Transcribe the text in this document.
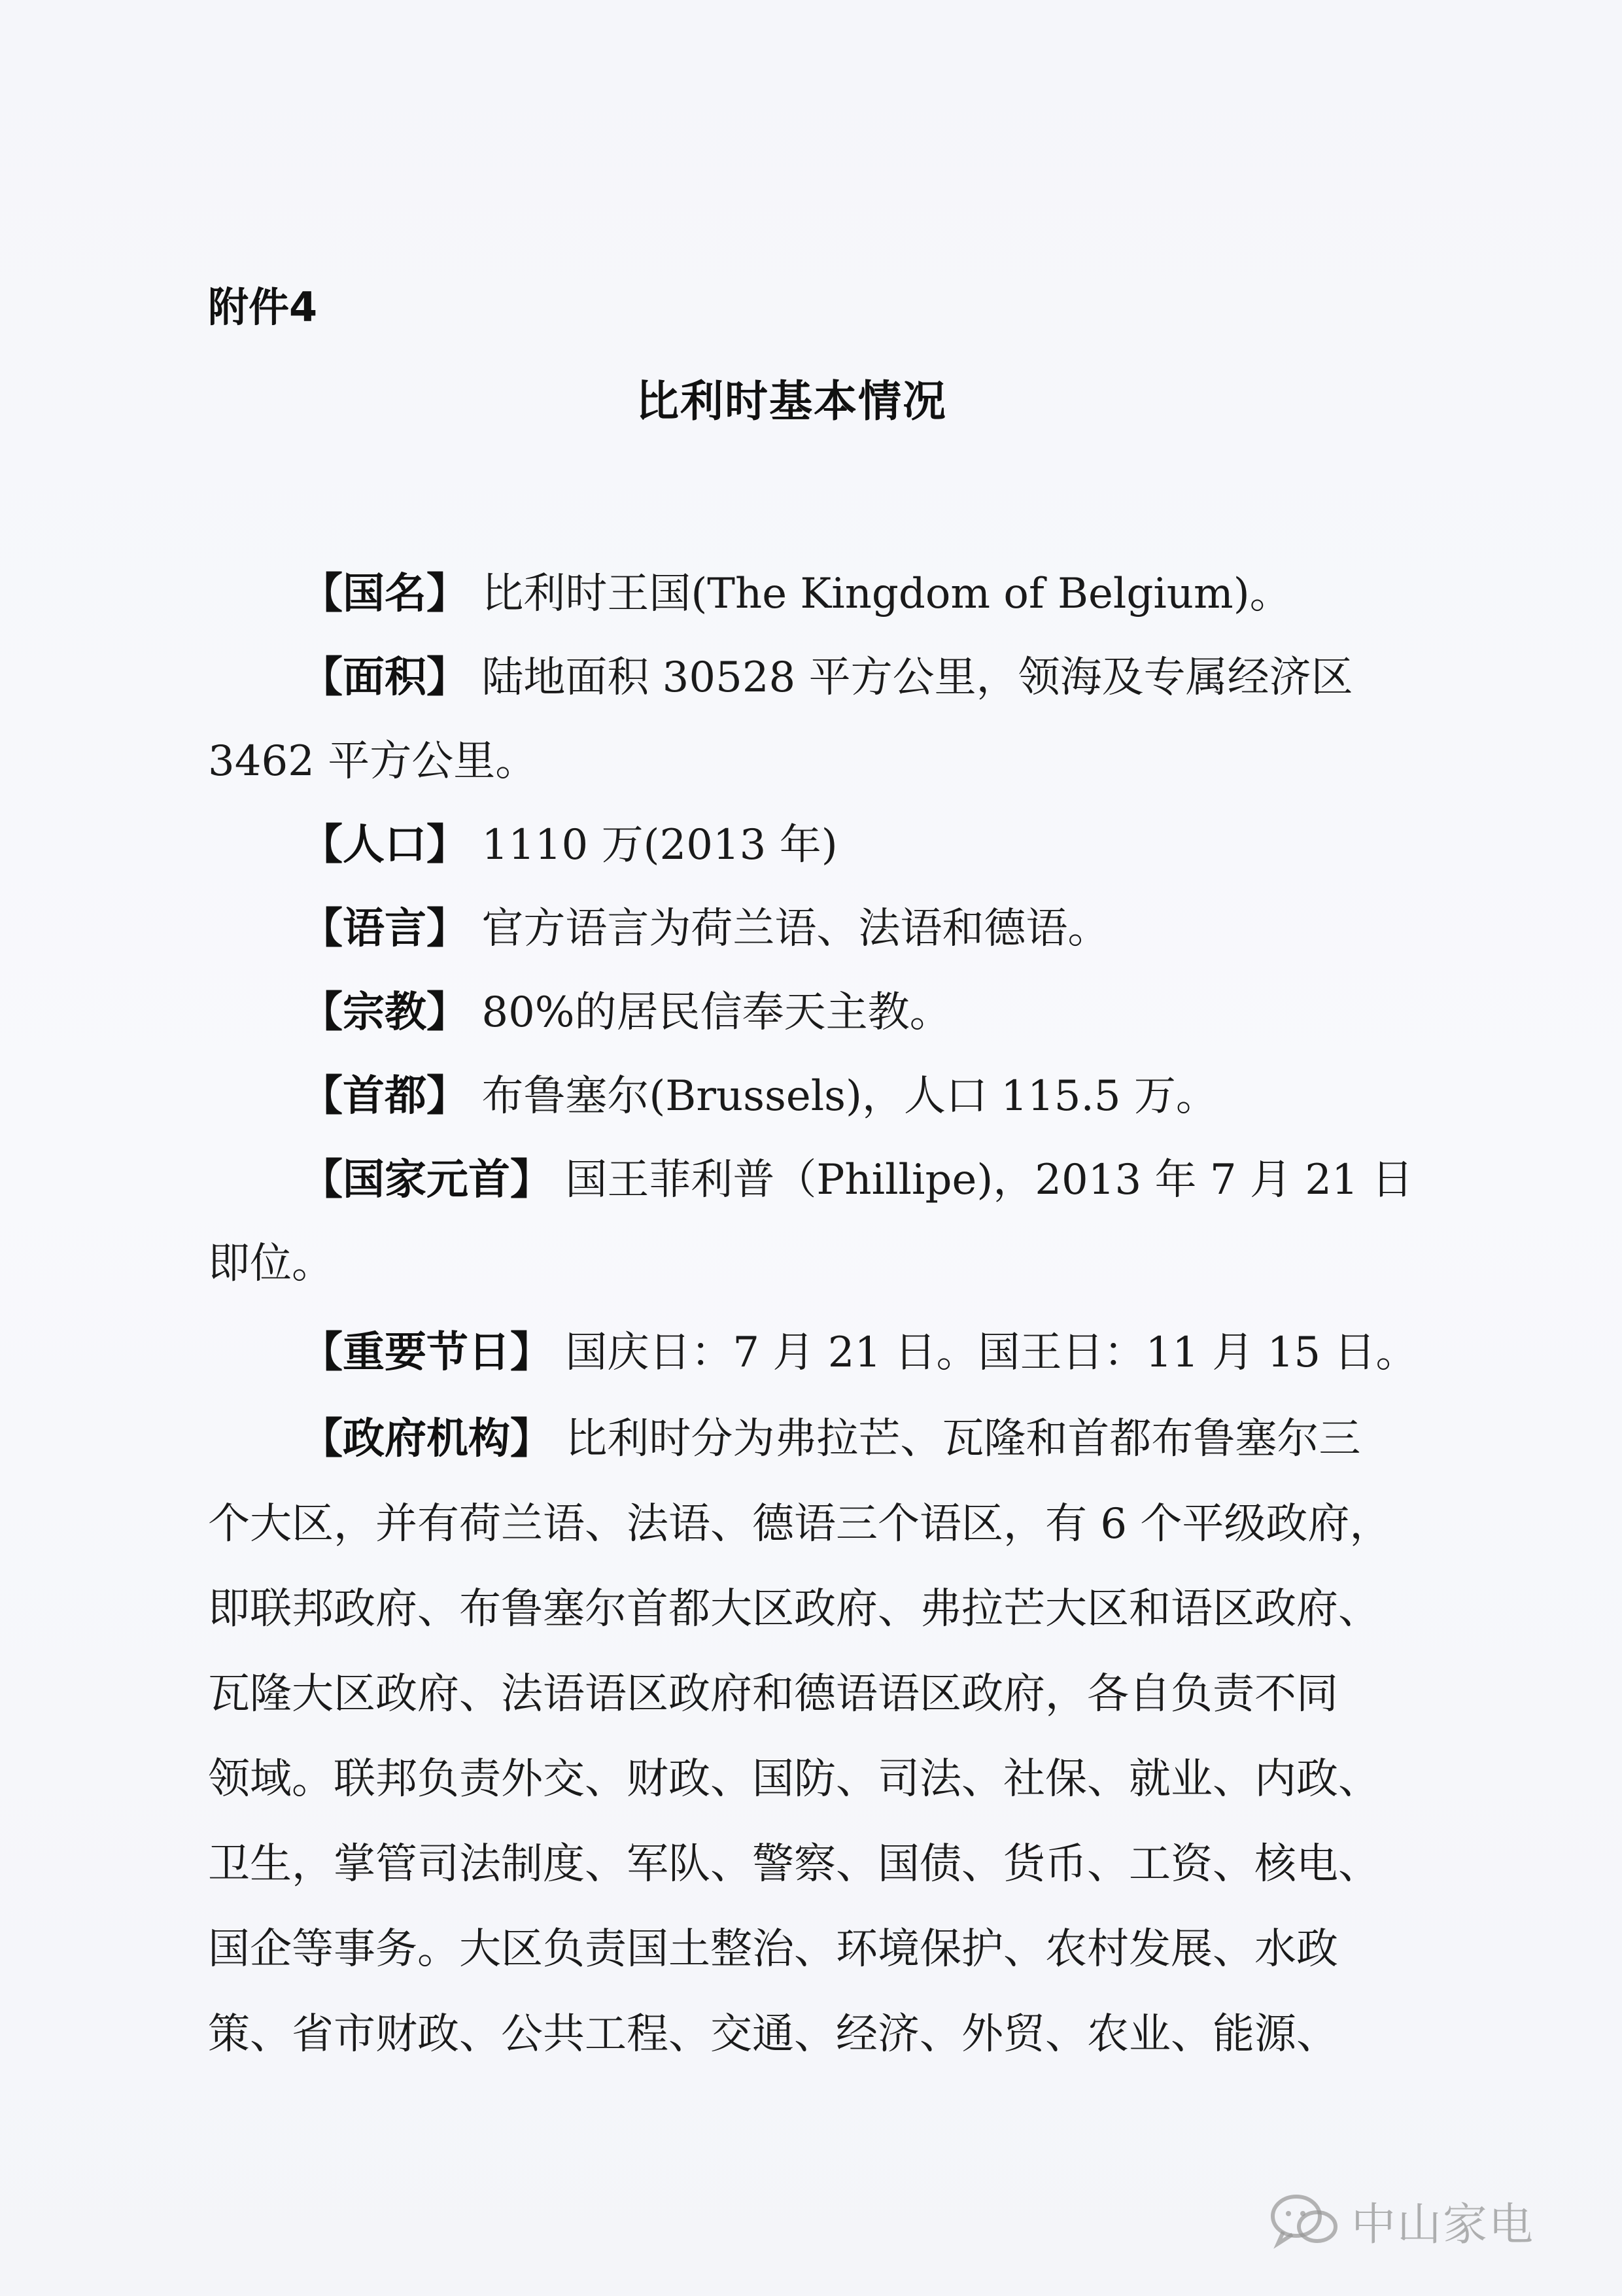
附件4
比利时基本情况
【国名】 比利时王国(The Kingdom of Belgium)。
【面积】 陆地面积 30528 平方公里，领海及专属经济区
3462 平方公里。
【人口】 1110 万(2013 年)
【语言】 官方语言为荷兰语、法语和德语。
【宗教】 80%的居民信奉天主教。
【首都】 布鲁塞尔(Brussels)，人口 115.5 万。
【国家元首】 国王菲利普（Phillipe)，2013 年 7 月 21 日
即位。
【重要节日】 国庆日：7 月 21 日。国王日：11 月 15 日。
【政府机构】 比利时分为弗拉芒、瓦隆和首都布鲁塞尔三
个大区，并有荷兰语、法语、德语三个语区，有 6 个平级政府，
即联邦政府、布鲁塞尔首都大区政府、弗拉芒大区和语区政府、
瓦隆大区政府、法语语区政府和德语语区政府，各自负责不同
领域。联邦负责外交、财政、国防、司法、社保、就业、内政、
卫生，掌管司法制度、军队、警察、国债、货币、工资、核电、
国企等事务。大区负责国土整治、环境保护、农村发展、水政
策、省市财政、公共工程、交通、经济、外贸、农业、能源、
中山家电
